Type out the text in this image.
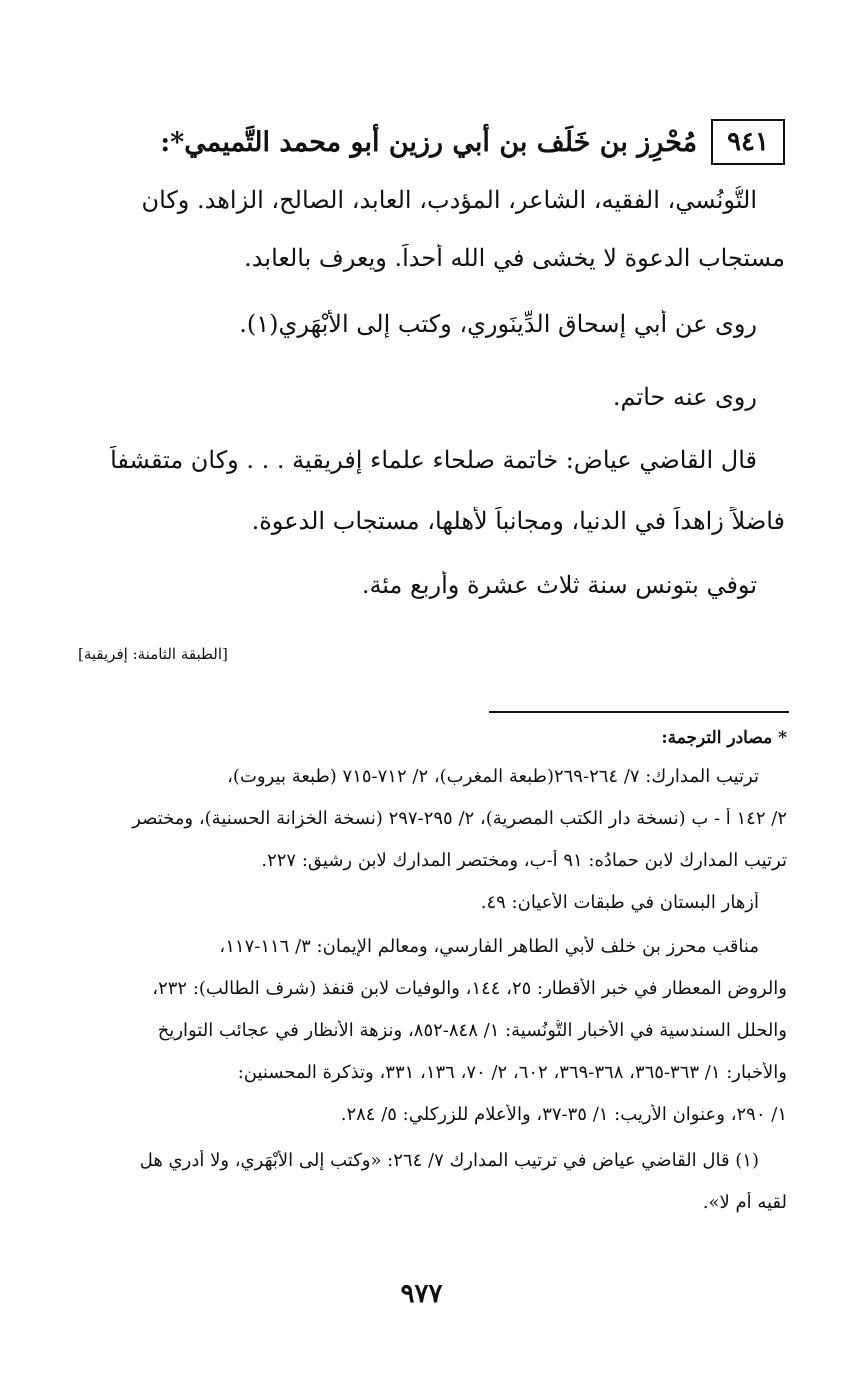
٩٤١
مُحْرِز بن خَلَف بن أبي رزين أبو محمد التَّميمي*:

التُّونُسي، الفقيه، الشاعر، المؤدب، العابد، الصالح، الزاهد. وكان

مستجاب الدعوة لا يخشى في الله أحداً. ويعرف بالعابد.

روى عن أبي إسحاق الدِّينَوري، وكتب إلى الأَبْهَري(١).

روى عنه حاتم.

قال القاضي عياض: خاتمة صلحاء علماء إفريقية . . . وكان متقشفاً

فاضلاً زاهداً في الدنيا، ومجانباً لأهلها، مستجاب الدعوة.

توفي بتونس سنة ثلاث عشرة وأربع مئة.

[الطبقة الثامنة: إفريقية]
* مصادر الترجمة:
ترتيب المدارك: ٧/ ٢٦٤-٢٦٩(طبعة المغرب)، ٢/ ٧١٢-٧١٥ (طبعة بيروت)،
٢/ ١٤٢ أ - ب (نسخة دار الكتب المصرية)، ٢/ ٢٩٥-٢٩٧ (نسخة الخزانة الحسنية)، ومختصر
ترتيب المدارك لابن حمادُه: ٩١ أ-ب، ومختصر المدارك لابن رشيق: ٢٢٧.
أزهار البستان في طبقات الأعيان: ٤٩.
مناقب محرز بن خلف لأبي الطاهر الفارسي، ومعالم الإيمان: ٣/ ١١٦-١١٧،
والروض المعطار في خبر الأقطار: ٢٥، ١٤٤، والوفيات لابن قنفذ (شرف الطالب): ٢٣٢،
والحلل السندسية في الأخبار التُّونُسية: ١/ ٨٤٨-٨٥٢، ونزهة الأنظار في عجائب التواريخ
والأخبار: ١/ ٣٦٣-٣٦٥، ٣٦٨-٣٦٩، ٦٠٢، ٢/ ٧٠، ١٣٦، ٣٣١، وتذكرة المحسنين:
١/ ٢٩٠، وعنوان الأريب: ١/ ٣٥-٣٧، والأعلام للزركلي: ٥/ ٢٨٤.
(١) قال القاضي عياض في ترتيب المدارك ٧/ ٢٦٤: «وكتب إلى الأَبْهَري، ولا أدري هل
لقيه أم لا».
٩٧٧
